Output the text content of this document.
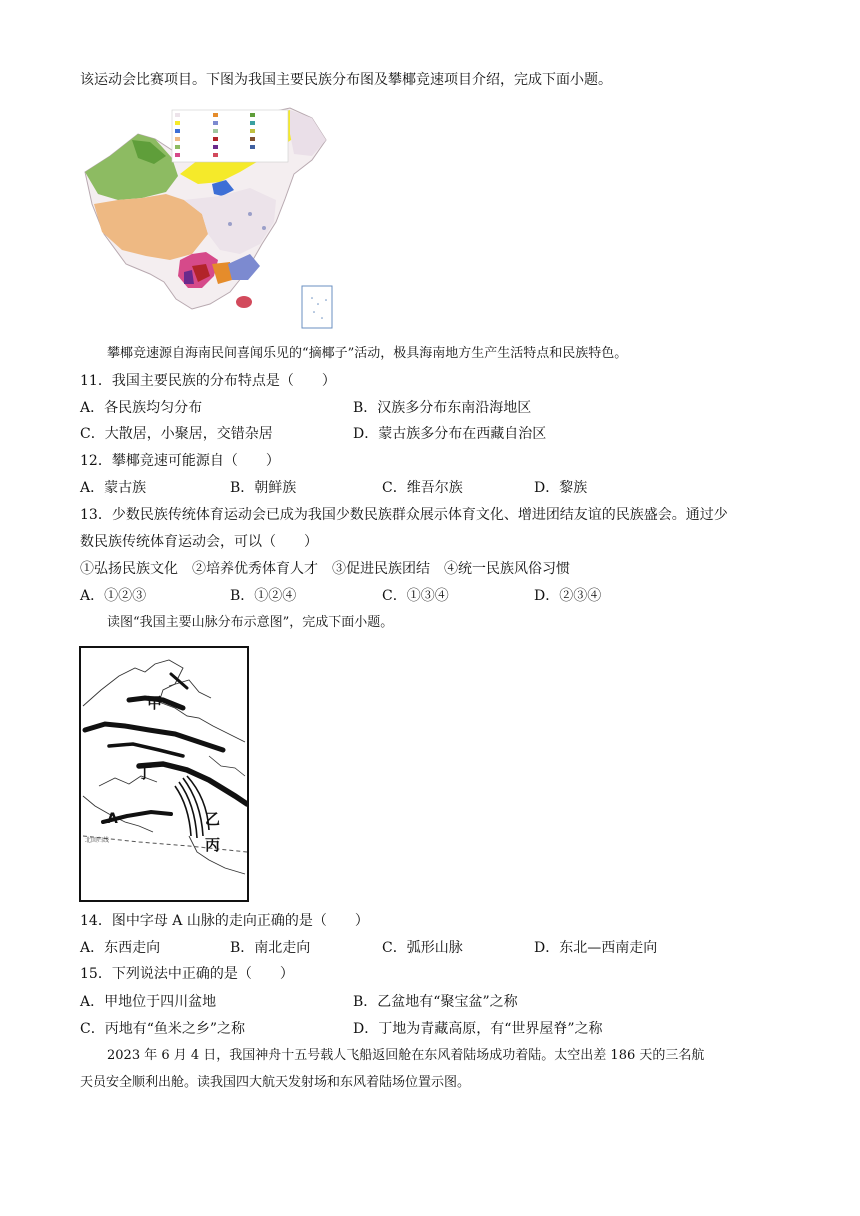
该运动会比赛项目。下图为我国主要民族分布图及攀椰竞速项目介绍，完成下面小题。
攀椰竞速源自海南民间喜闻乐见的“摘椰子”活动，极具海南地方生产生活特点和民族特色。
11．我国主要民族的分布特点是（　　）
A．各民族均匀分布	B．汉族多分布东南沿海地区
C．大散居，小聚居，交错杂居	D．蒙古族多分布在西藏自治区
12．攀椰竞速可能源自（　　）
A．蒙古族	B．朝鲜族	C．维吾尔族	D．黎族
13．少数民族传统体育运动会已成为我国少数民族群众展示体育文化、增进团结友谊的民族盛会。通过少
数民族传统体育运动会，可以（　　）
①弘扬民族文化　②培养优秀体育人才　③促进民族团结　④统一民族风俗习惯
A．①②③	B．①②④	C．①③④	D．②③④
读图“我国主要山脉分布示意图”，完成下面小题。
甲
丁
A	乙
丙
北回归线
14．图中字母 A 山脉的走向正确的是（　　）
A．东西走向	B．南北走向	C．弧形山脉	D．东北—西南走向
15．下列说法中正确的是（　　）
A．甲地位于四川盆地	B．乙盆地有“聚宝盆”之称
C．丙地有“鱼米之乡”之称	D．丁地为青藏高原，有“世界屋脊”之称
2023 年 6 月 4 日，我国神舟十五号载人飞船返回舱在东风着陆场成功着陆。太空出差 186 天的三名航
天员安全顺利出舱。读我国四大航天发射场和东风着陆场位置示图。
